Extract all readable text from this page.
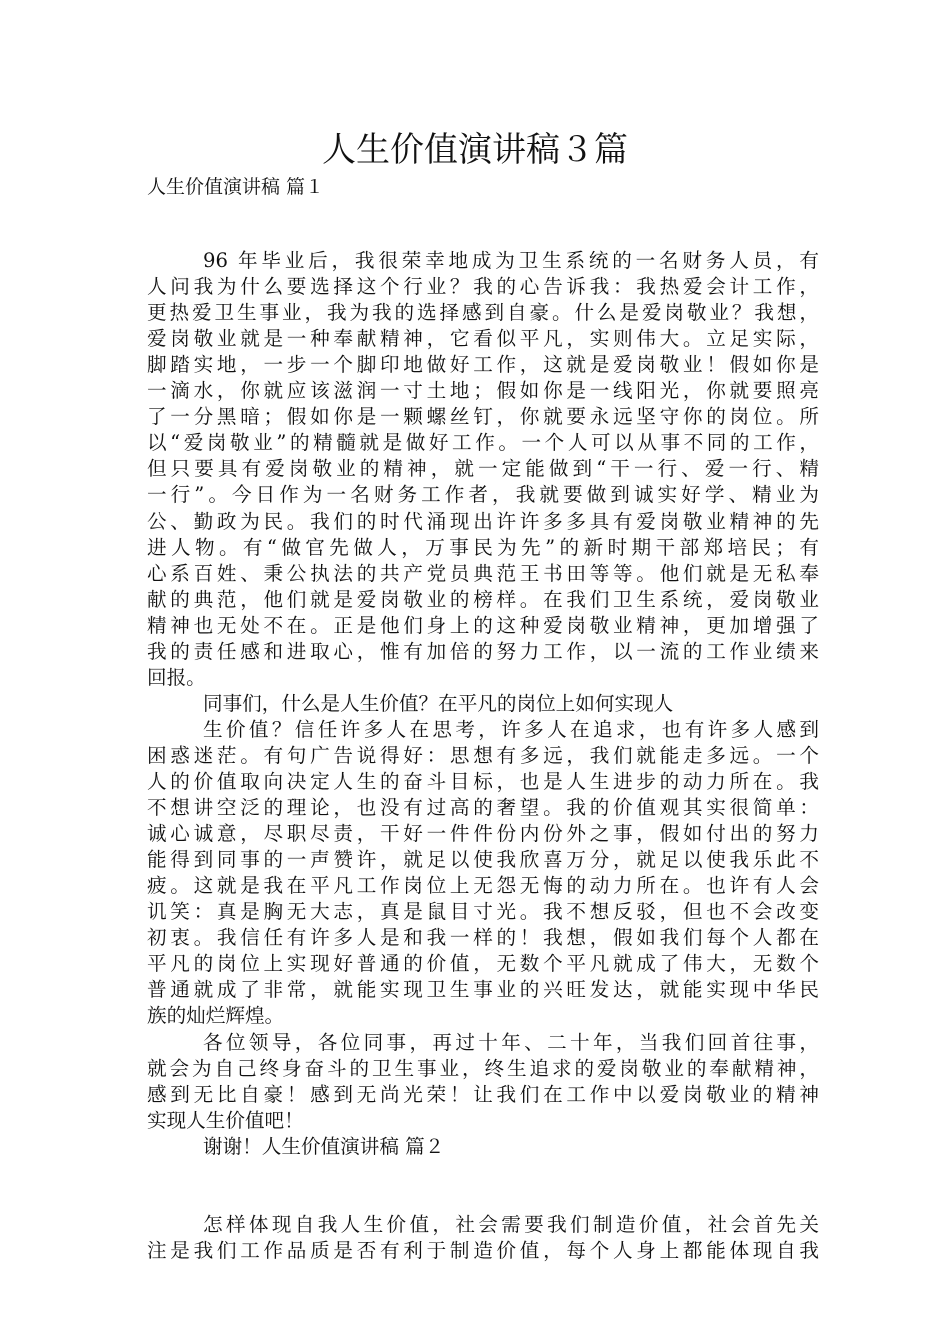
人生价值演讲稿３篇
人生价值演讲稿 篇１
96 年毕业后，我很荣幸地成为卫生系统的一名财务人员，有
人问我为什么要选择这个行业？我的心告诉我：我热爱会计工作，
更热爱卫生事业，我为我的选择感到自豪。什么是爱岗敬业？我想，
爱岗敬业就是一种奉献精神，它看似平凡，实则伟大。立足实际，
脚踏实地，一步一个脚印地做好工作，这就是爱岗敬业！假如你是
一滴水，你就应该滋润一寸土地；假如你是一线阳光，你就要照亮
了一分黑暗；假如你是一颗螺丝钉，你就要永远坚守你的岗位。所
以“爱岗敬业”的精髓就是做好工作。一个人可以从事不同的工作，
但只要具有爱岗敬业的精神，就一定能做到“干一行、爱一行、精
一行”。今日作为一名财务工作者，我就要做到诚实好学、精业为
公、勤政为民。我们的时代涌现出许许多多具有爱岗敬业精神的先
进人物。有“做官先做人，万事民为先”的新时期干部郑培民；有
心系百姓、秉公执法的共产党员典范王书田等等。他们就是无私奉
献的典范，他们就是爱岗敬业的榜样。在我们卫生系统，爱岗敬业
精神也无处不在。正是他们身上的这种爱岗敬业精神，更加增强了
我的责任感和进取心，惟有加倍的努力工作，以一流的工作业绩来
回报。
同事们，什么是人生价值？在平凡的岗位上如何实现人
生价值？信任许多人在思考，许多人在追求，也有许多人感到
困惑迷茫。有句广告说得好：思想有多远，我们就能走多远。一个
人的价值取向决定人生的奋斗目标，也是人生进步的动力所在。我
不想讲空泛的理论，也没有过高的奢望。我的价值观其实很简单：
诚心诚意，尽职尽责，干好一件件份内份外之事，假如付出的努力
能得到同事的一声赞许，就足以使我欣喜万分，就足以使我乐此不
疲。这就是我在平凡工作岗位上无怨无悔的动力所在。也许有人会
讥笑：真是胸无大志，真是鼠目寸光。我不想反驳，但也不会改变
初衷。我信任有许多人是和我一样的！我想，假如我们每个人都在
平凡的岗位上实现好普通的价值，无数个平凡就成了伟大，无数个
普通就成了非常，就能实现卫生事业的兴旺发达，就能实现中华民
族的灿烂辉煌。
各位领导，各位同事，再过十年、二十年，当我们回首往事，
就会为自己终身奋斗的卫生事业，终生追求的爱岗敬业的奉献精神，
感到无比自豪！感到无尚光荣！让我们在工作中以爱岗敬业的精神
实现人生价值吧！
谢谢！人生价值演讲稿 篇２
怎样体现自我人生价值，社会需要我们制造价值，社会首先关
注是我们工作品质是否有利于制造价值，每个人身上都能体现自我
